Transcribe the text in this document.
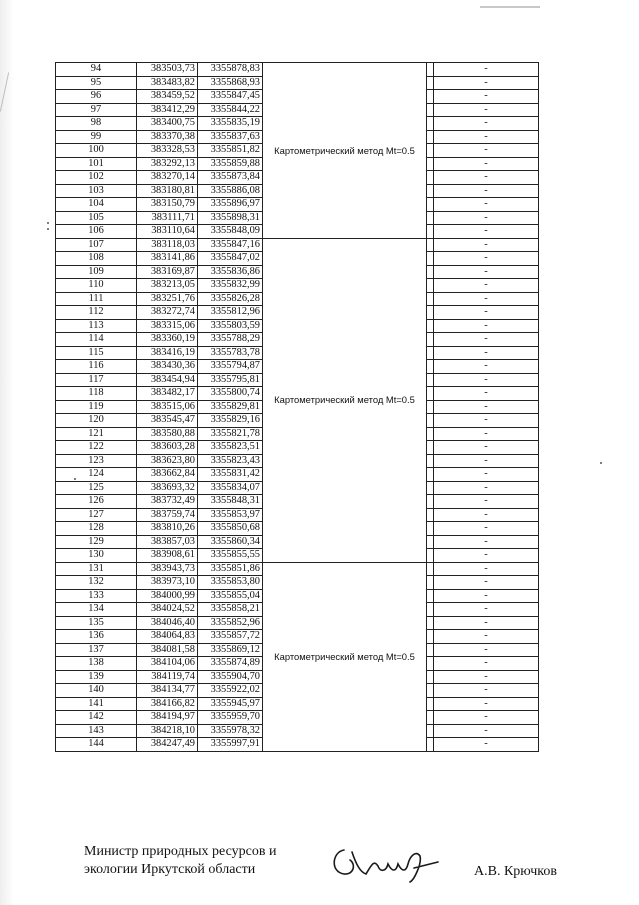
94	383503,73	3355878,83	Картометрический метод Mt=0.5		-
95	383483,82	3355868,93			-
96	383459,52	3355847,45			-
97	383412,29	3355844,22			-
98	383400,75	3355835,19			-
99	383370,38	3355837,63			-
100	383328,53	3355851,82			-
101	383292,13	3355859,88			-
102	383270,14	3355873,84			-
103	383180,81	3355886,08			-
104	383150,79	3355896,97			-
105	383111,71	3355898,31			-
106	383110,64	3355848,09			-
107	383118,03	3355847,16	Картометрический метод Mt=0.5		-
108	383141,86	3355847,02			-
109	383169,87	3355836,86			-
110	383213,05	3355832,99			-
111	383251,76	3355826,28			-
112	383272,74	3355812,96			-
113	383315,06	3355803,59			-
114	383360,19	3355788,29			-
115	383416,19	3355783,78			-
116	383430,36	3355794,87			-
117	383454,94	3355795,81			-
118	383482,17	3355800,74			-
119	383515,06	3355829,81			-
120	383545,47	3355829,16			-
121	383580,88	3355821,78			-
122	383603,28	3355823,51			-
123	383623,80	3355823,43			-
124	383662,84	3355831,42			-
125	383693,32	3355834,07			-
126	383732,49	3355848,31			-
127	383759,74	3355853,97			-
128	383810,26	3355850,68			-
129	383857,03	3355860,34			-
130	383908,61	3355855,55			-
131	383943,73	3355851,86	Картометрический метод Mt=0.5		-
132	383973,10	3355853,80			-
133	384000,99	3355855,04			-
134	384024,52	3355858,21			-
135	384046,40	3355852,96			-
136	384064,83	3355857,72			-
137	384081,58	3355869,12			-
138	384104,06	3355874,89			-
139	384119,74	3355904,70			-
140	384134,77	3355922,02			-
141	384166,82	3355945,97			-
142	384194,97	3355959,70			-
143	384218,10	3355978,32			-
144	384247,49	3355997,91			-
Министр природных ресурсов и
экологии Иркутской области	А.В. Крючков
